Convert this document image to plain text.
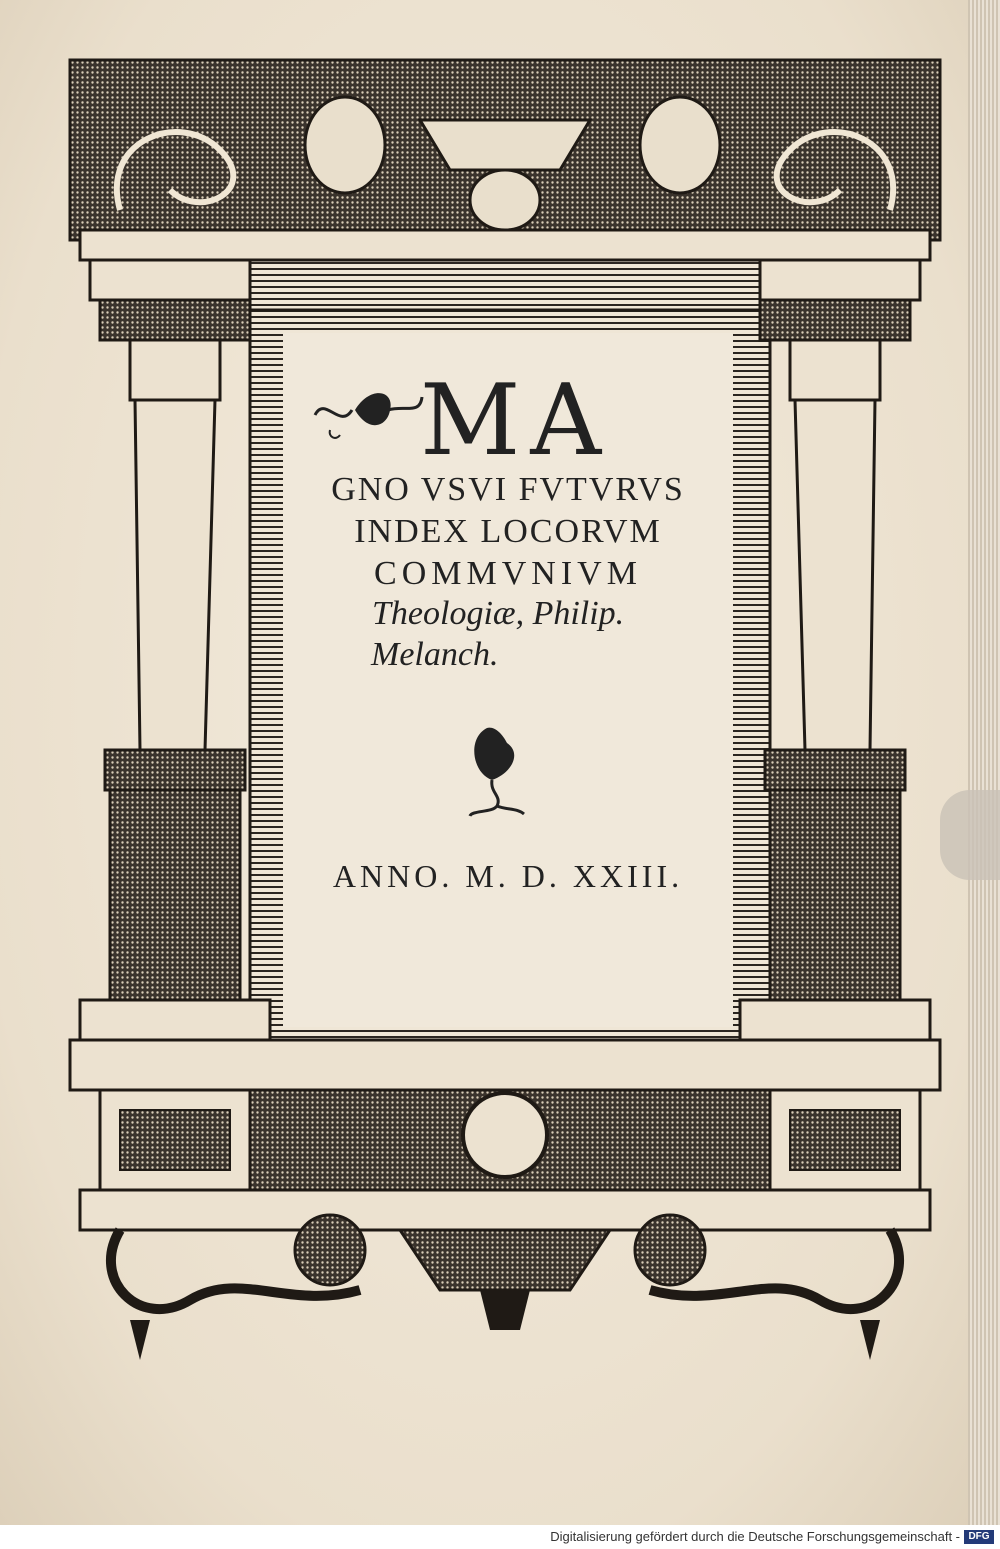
MA
GNO VSVI FVTVRVS
INDEX LOCORVM
COMMVNIVM
Theologiæ, Philip.
Melanch.
ANNO. M. D. XXIII.
Digitalisierung gefördert durch die Deutsche Forschungsgemeinschaft - DFG
